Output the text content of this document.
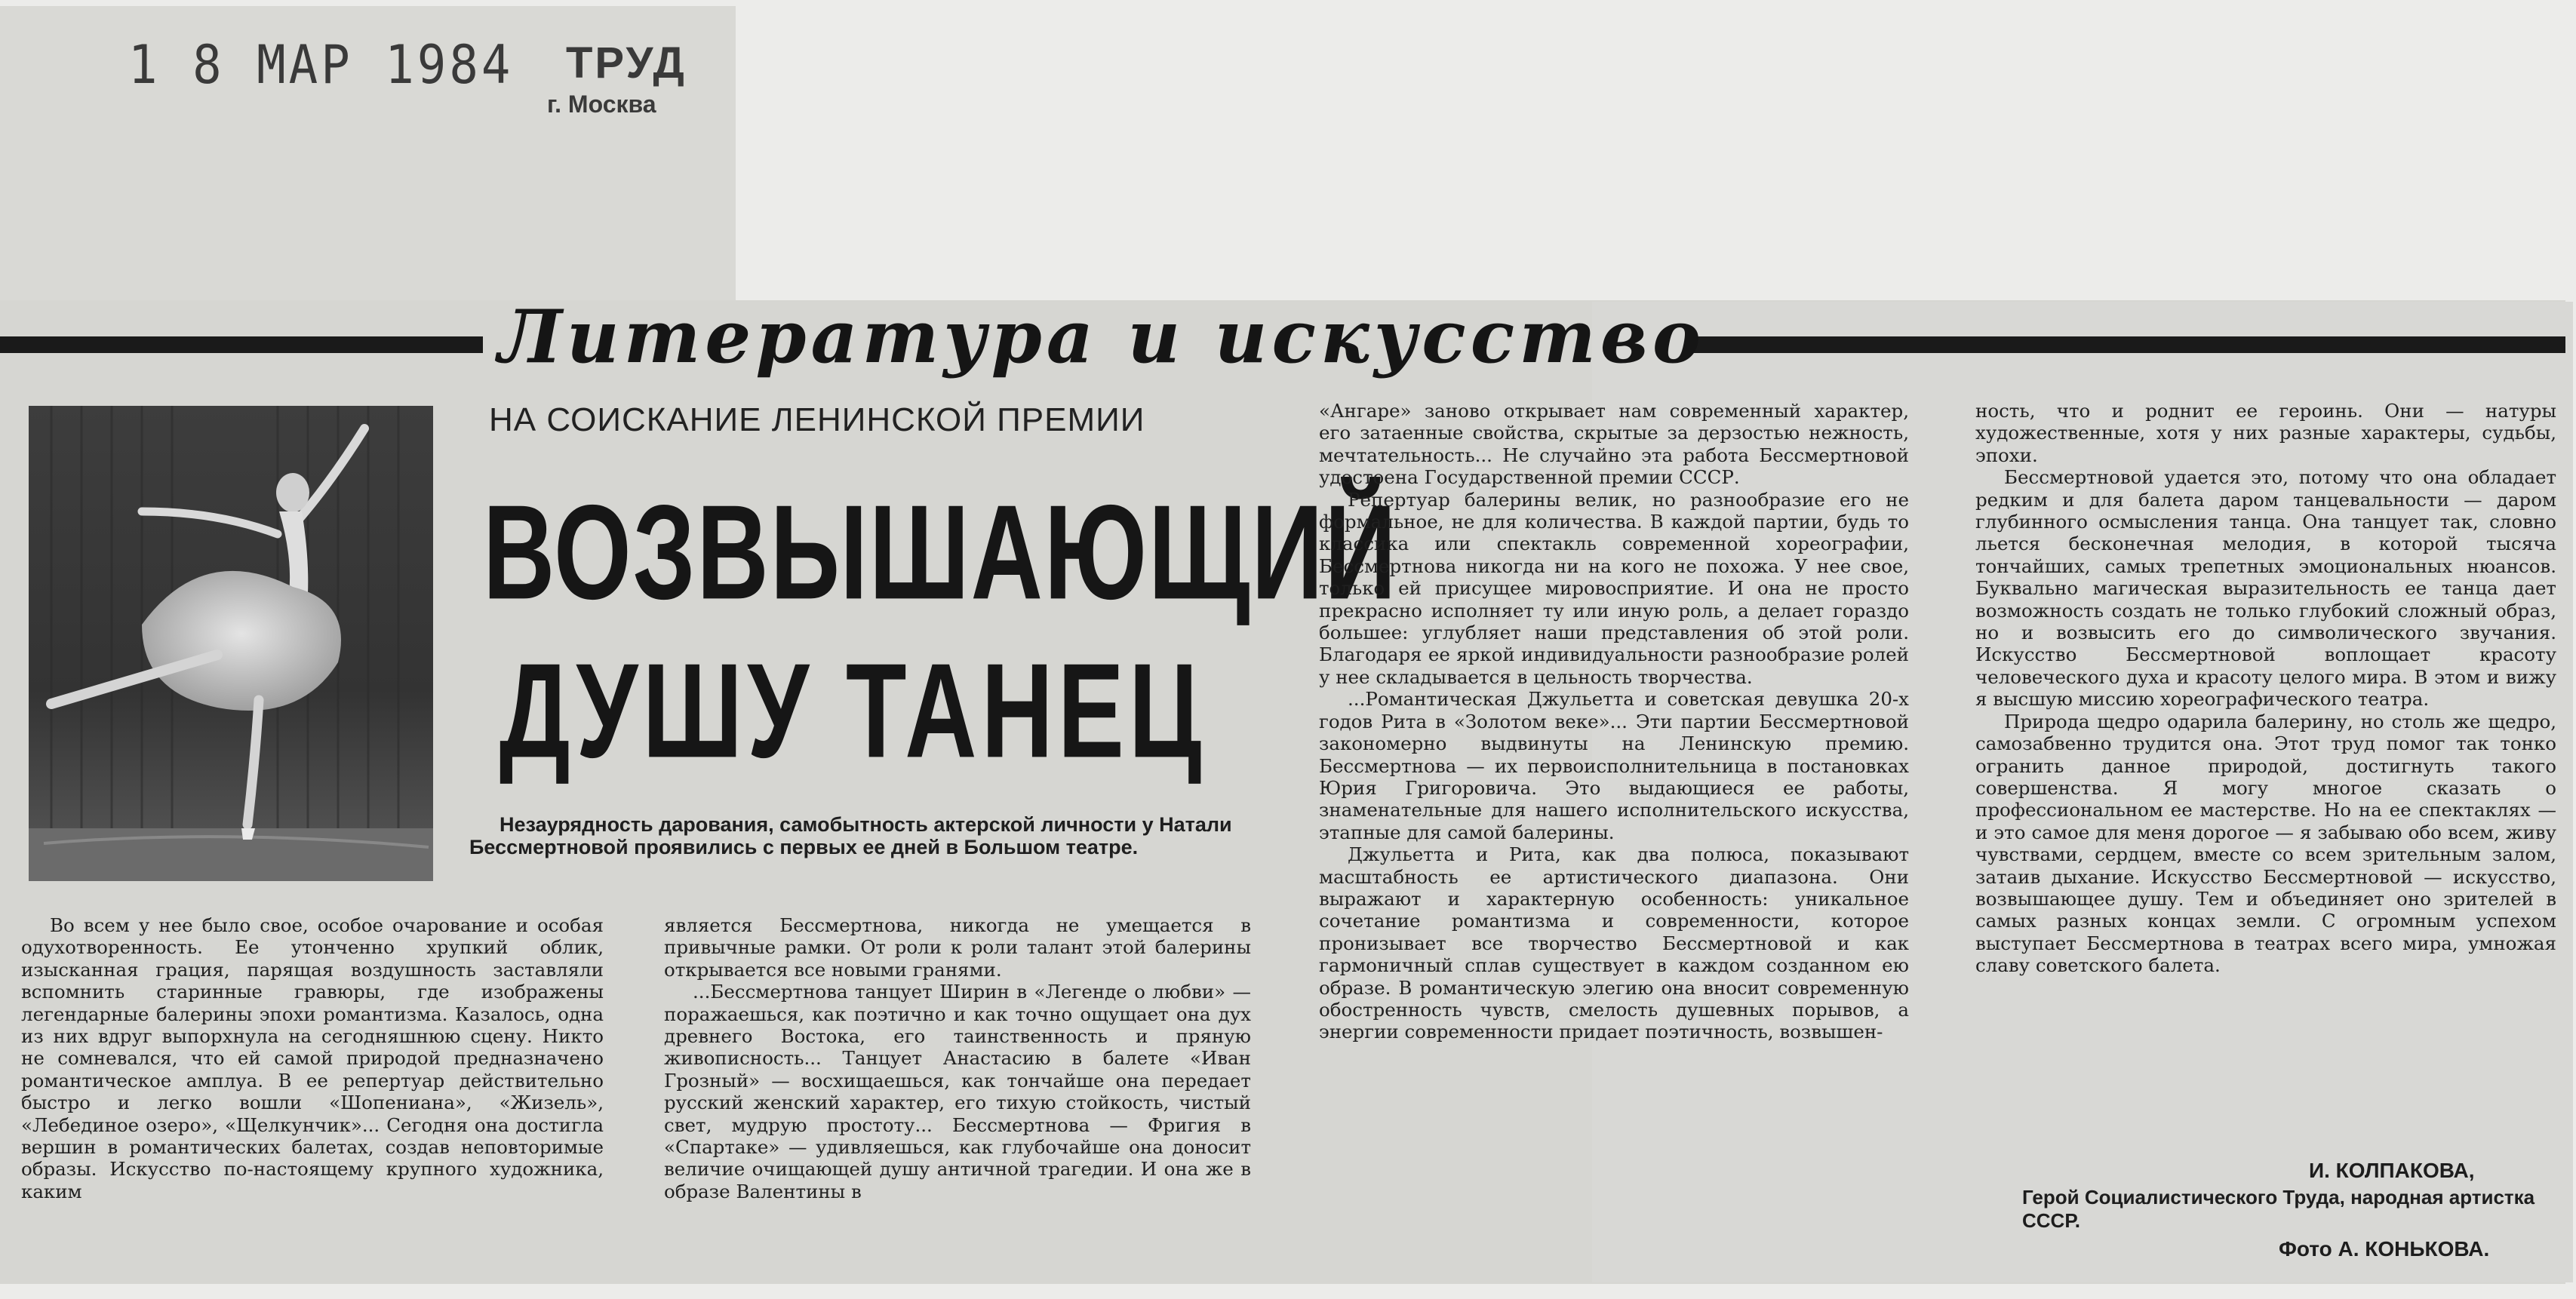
1 8 МАР 1984 ТРУД
г. Москва
Литература и искусство
НА СОИСКАНИЕ ЛЕНИНСКОЙ ПРЕМИИ
ВОЗВЫШАЮЩИЙ
ДУШУ ТАНЕЦ
Незаурядность дарования, самобытность актерской личности у Натали Бессмертновой проявились с первых ее дней в Большом театре.

Во всем у нее было свое, особое очарование и особая одухотворенность. Ее утонченно хрупкий облик, изысканная грация, парящая воздушность заставляли вспомнить старинные гравюры, где изображены легендарные балерины эпохи романтизма. Казалось, одна из них вдруг выпорхнула на сегодняшнюю сцену. Никто не сомневался, что ей самой природой предназначено романтическое амплуа. В ее репертуар действительно быстро и легко вошли «Шопениана», «Жизель», «Лебединое озеро», «Щелкунчик»... Сегодня она достигла вершин в романтических балетах, создав неповторимые образы. Искусство по-настоящему крупного художника, каким

является Бессмертнова, никогда не умещается в привычные рамки. От роли к роли талант этой балерины открывается все новыми гранями.

...Бессмертнова танцует Ширин в «Легенде о любви» — поражаешься, как поэтично и как точно ощущает она дух древнего Востока, его таинственность и пряную живописность... Танцует Анастасию в балете «Иван Грозный» — восхищаешься, как тончайше она передает русский женский характер, его тихую стойкость, чистый свет, мудрую простоту... Бессмертнова — Фригия в «Спартаке» — удивляешься, как глубочайше она доносит величие очищающей душу античной трагедии. И она же в образе Валентины в

«Ангаре» заново открывает нам современный характер, его затаенные свойства, скрытые за дерзостью нежность, мечтательность... Не случайно эта работа Бессмертновой удостоена Государственной премии СССР.

Репертуар балерины велик, но разнообразие его не формальное, не для количества. В каждой партии, будь то классика или спектакль современной хореографии, Бессмертнова никогда ни на кого не похожа. У нее свое, только ей присущее мировосприятие. И она не просто прекрасно исполняет ту или иную роль, а делает гораздо большее: углубляет наши представления об этой роли. Благодаря ее яркой индивидуальности разнообразие ролей у нее складывается в цельность творчества.

...Романтическая Джульетта и советская девушка 20-х годов Рита в «Золотом веке»... Эти партии Бессмертновой закономерно выдвинуты на Ленинскую премию. Бессмертнова — их первоисполнительница в постановках Юрия Григоровича. Это выдающиеся ее работы, знаменательные для нашего исполнительского искусства, этапные для самой балерины.

Джульетта и Рита, как два полюса, показывают масштабность ее артистического диапазона. Они выражают и характерную особенность: уникальное сочетание романтизма и современности, которое пронизывает все творчество Бессмертновой и как гармоничный сплав существует в каждом созданном ею образе. В романтическую элегию она вносит современную обостренность чувств, смелость душевных порывов, а энергии современности придает поэтичность, возвышен-

ность, что и роднит ее героинь. Они — натуры художественные, хотя у них разные характеры, судьбы, эпохи.

Бессмертновой удается это, потому что она обладает редким и для балета даром танцевальности — даром глубинного осмысления танца. Она танцует так, словно льется бесконечная мелодия, в которой тысяча тончайших, самых трепетных эмоциональных нюансов. Буквально магическая выразительность ее танца дает возможность создать не только глубокий сложный образ, но и возвысить его до символического звучания. Искусство Бессмертновой воплощает красоту человеческого духа и красоту целого мира. В этом и вижу я высшую миссию хореографического театра.

Природа щедро одарила балерину, но столь же щедро, самозабвенно трудится она. Этот труд помог так тонко огранить данное природой, достигнуть такого совершенства. Я могу многое сказать о профессиональном ее мастерстве. Но на ее спектаклях — и это самое для меня дорогое — я забываю обо всем, живу чувствами, сердцем, вместе со всем зрительным залом, затаив дыхание. Искусство Бессмертновой — искусство, возвышающее душу. Тем и объединяет оно зрителей в самых разных концах земли. С огромным успехом выступает Бессмертнова в театрах всего мира, умножая славу советского балета.

И. КОЛПАКОВА,
Герой Социалистического Труда, народная артистка СССР.
Фото А. КОНЬКОВА.
